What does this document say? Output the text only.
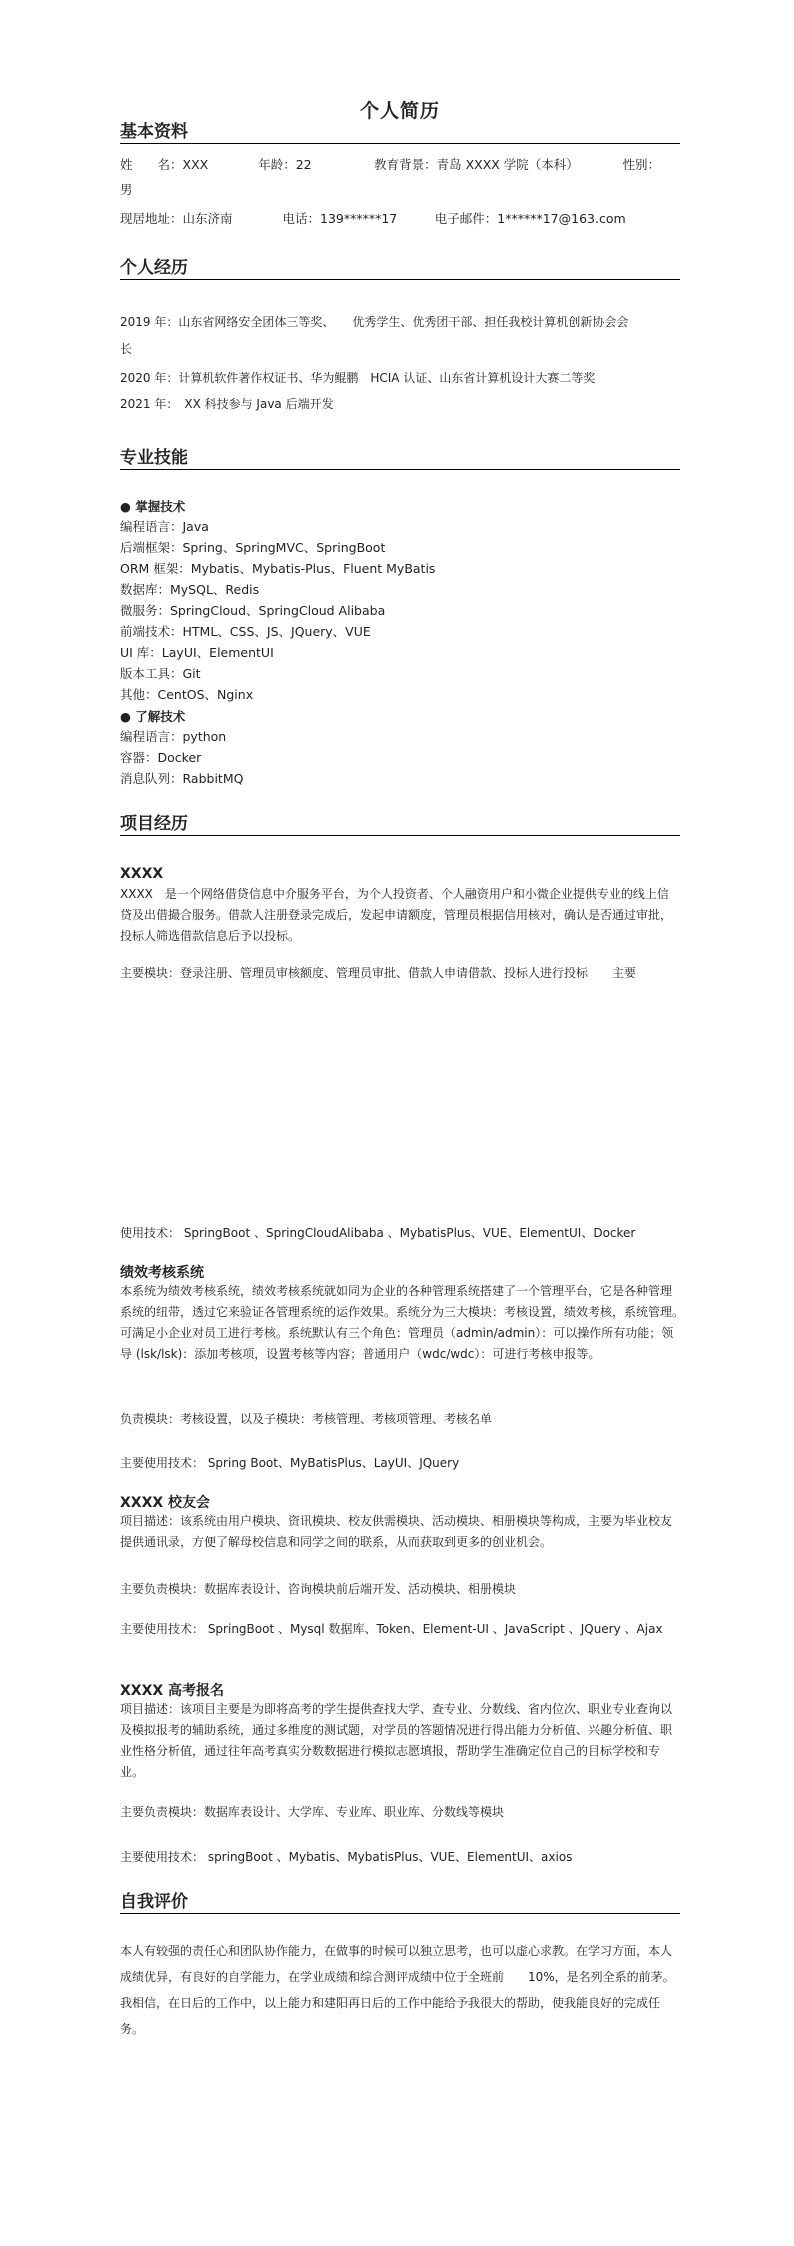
个人简历
基本资料
姓　　名：XXX　　　　年龄：22　　　　　教育背景：青岛 XXXX 学院（本科）　　　　性别：
男
现居地址：山东济南　　　　电话：139******17　　　电子邮件：1******17@163.com
个人经历
2019 年：山东省网络安全团体三等奖、　　优秀学生、优秀团干部、担任我校计算机创新协会会
长
2020 年：计算机软件著作权证书、华为鲲鹏　HCIA 认证、山东省计算机设计大赛二等奖
2021 年：　XX 科技参与 Java 后端开发
专业技能
● 掌握技术
编程语言：Java
后端框架：Spring、SpringMVC、SpringBoot
ORM 框架：Mybatis、Mybatis-Plus、Fluent MyBatis
数据库：MySQL、Redis
微服务：SpringCloud、SpringCloud Alibaba
前端技术：HTML、CSS、JS、JQuery、VUE
UI 库：LayUI、ElementUI
版本工具：Git
其他：CentOS、Nginx
● 了解技术
编程语言：python
容器：Docker
消息队列：RabbitMQ
项目经历
XXXX
XXXX　是一个网络借贷信息中介服务平台，为个人投资者、个人融资用户和小微企业提供专业的线上信贷及出借撮合服务。借款人注册登录完成后，发起申请额度，管理员根据信用核对，确认是否通过审批，投标人筛选借款信息后予以投标。
主要模块：登录注册、管理员审核额度、管理员审批、借款人申请借款、投标人进行投标　　主要
使用技术： SpringBoot 、SpringCloudAlibaba 、MybatisPlus、VUE、ElementUI、Docker
绩效考核系统
本系统为绩效考核系统，绩效考核系统就如同为企业的各种管理系统搭建了一个管理平台，它是各种管理系统的纽带，透过它来验证各管理系统的运作效果。系统分为三大模块：考核设置，绩效考核，系统管理。　可满足小企业对员工进行考核。系统默认有三个角色：管理员（admin/admin）：可以操作所有功能；领导 (lsk/lsk)：添加考核项，设置考核等内容；普通用户（wdc/wdc）：可进行考核申报等。
负责模块：考核设置，以及子模块：考核管理、考核项管理、考核名单
主要使用技术： Spring Boot、MyBatisPlus、LayUI、JQuery
XXXX 校友会
项目描述：该系统由用户模块、资讯模块、校友供需模块、活动模块、相册模块等构成，主要为毕业校友提供通讯录，方便了解母校信息和同学之间的联系，从而获取到更多的创业机会。
主要负责模块：数据库表设计、咨询模块前后端开发、活动模块、相册模块
主要使用技术： SpringBoot 、Mysql 数据库、Token、Element-UI 、JavaScript 、JQuery 、Ajax
XXXX 高考报名
项目描述：该项目主要是为即将高考的学生提供查找大学、查专业、分数线、省内位次、职业专业查询以及模拟报考的辅助系统，通过多维度的测试题，对学员的答题情况进行得出能力分析值、兴趣分析值、职业性格分析值，通过往年高考真实分数数据进行模拟志愿填报，帮助学生准确定位自己的目标学校和专业。
主要负责模块：数据库表设计、大学库、专业库、职业库、分数线等模块
主要使用技术： springBoot 、Mybatis、MybatisPlus、VUE、ElementUI、axios
自我评价
本人有较强的责任心和团队协作能力，在做事的时候可以独立思考，也可以虚心求教。在学习方面，本人成绩优异，有良好的自学能力，在学业成绩和综合测评成绩中位于全班前　　10%，是名列全系的前茅。我相信，在日后的工作中，以上能力和建阳再日后的工作中能给予我很大的帮助，使我能良好的完成任务。
